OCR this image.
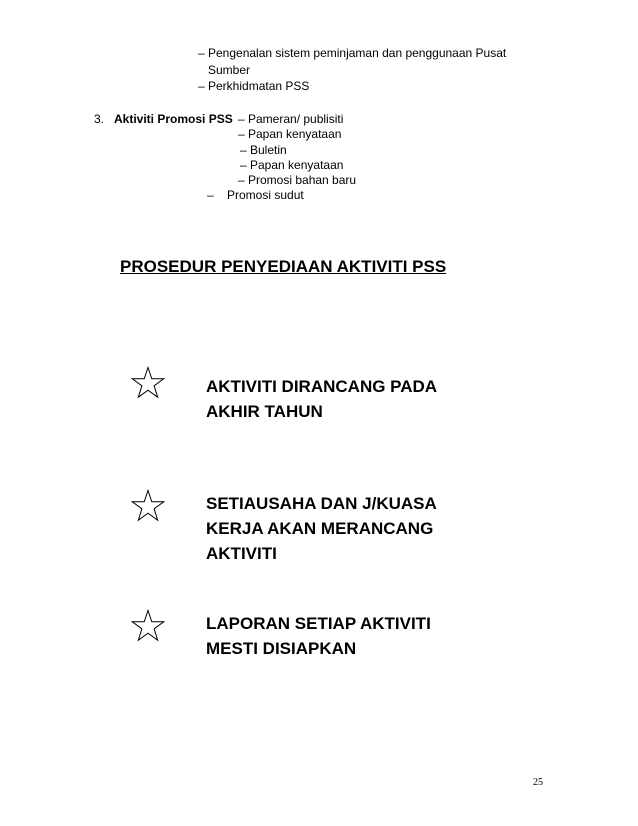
– Pengenalan sistem peminjaman dan penggunaan Pusat
Sumber
– Perkhidmatan PSS
3. Aktiviti Promosi PSS – Pameran/ publisiti
– Papan kenyataan
– Buletin
– Papan kenyataan
– Promosi bahan baru
– Promosi sudut
PROSEDUR PENYEDIAAN AKTIVITI PSS
AKTIVITI DIRANCANG PADA
AKHIR TAHUN
SETIAUSAHA DAN J/KUASA
KERJA AKAN MERANCANG
AKTIVITI
LAPORAN SETIAP AKTIVITI
MESTI DISIAPKAN
25
